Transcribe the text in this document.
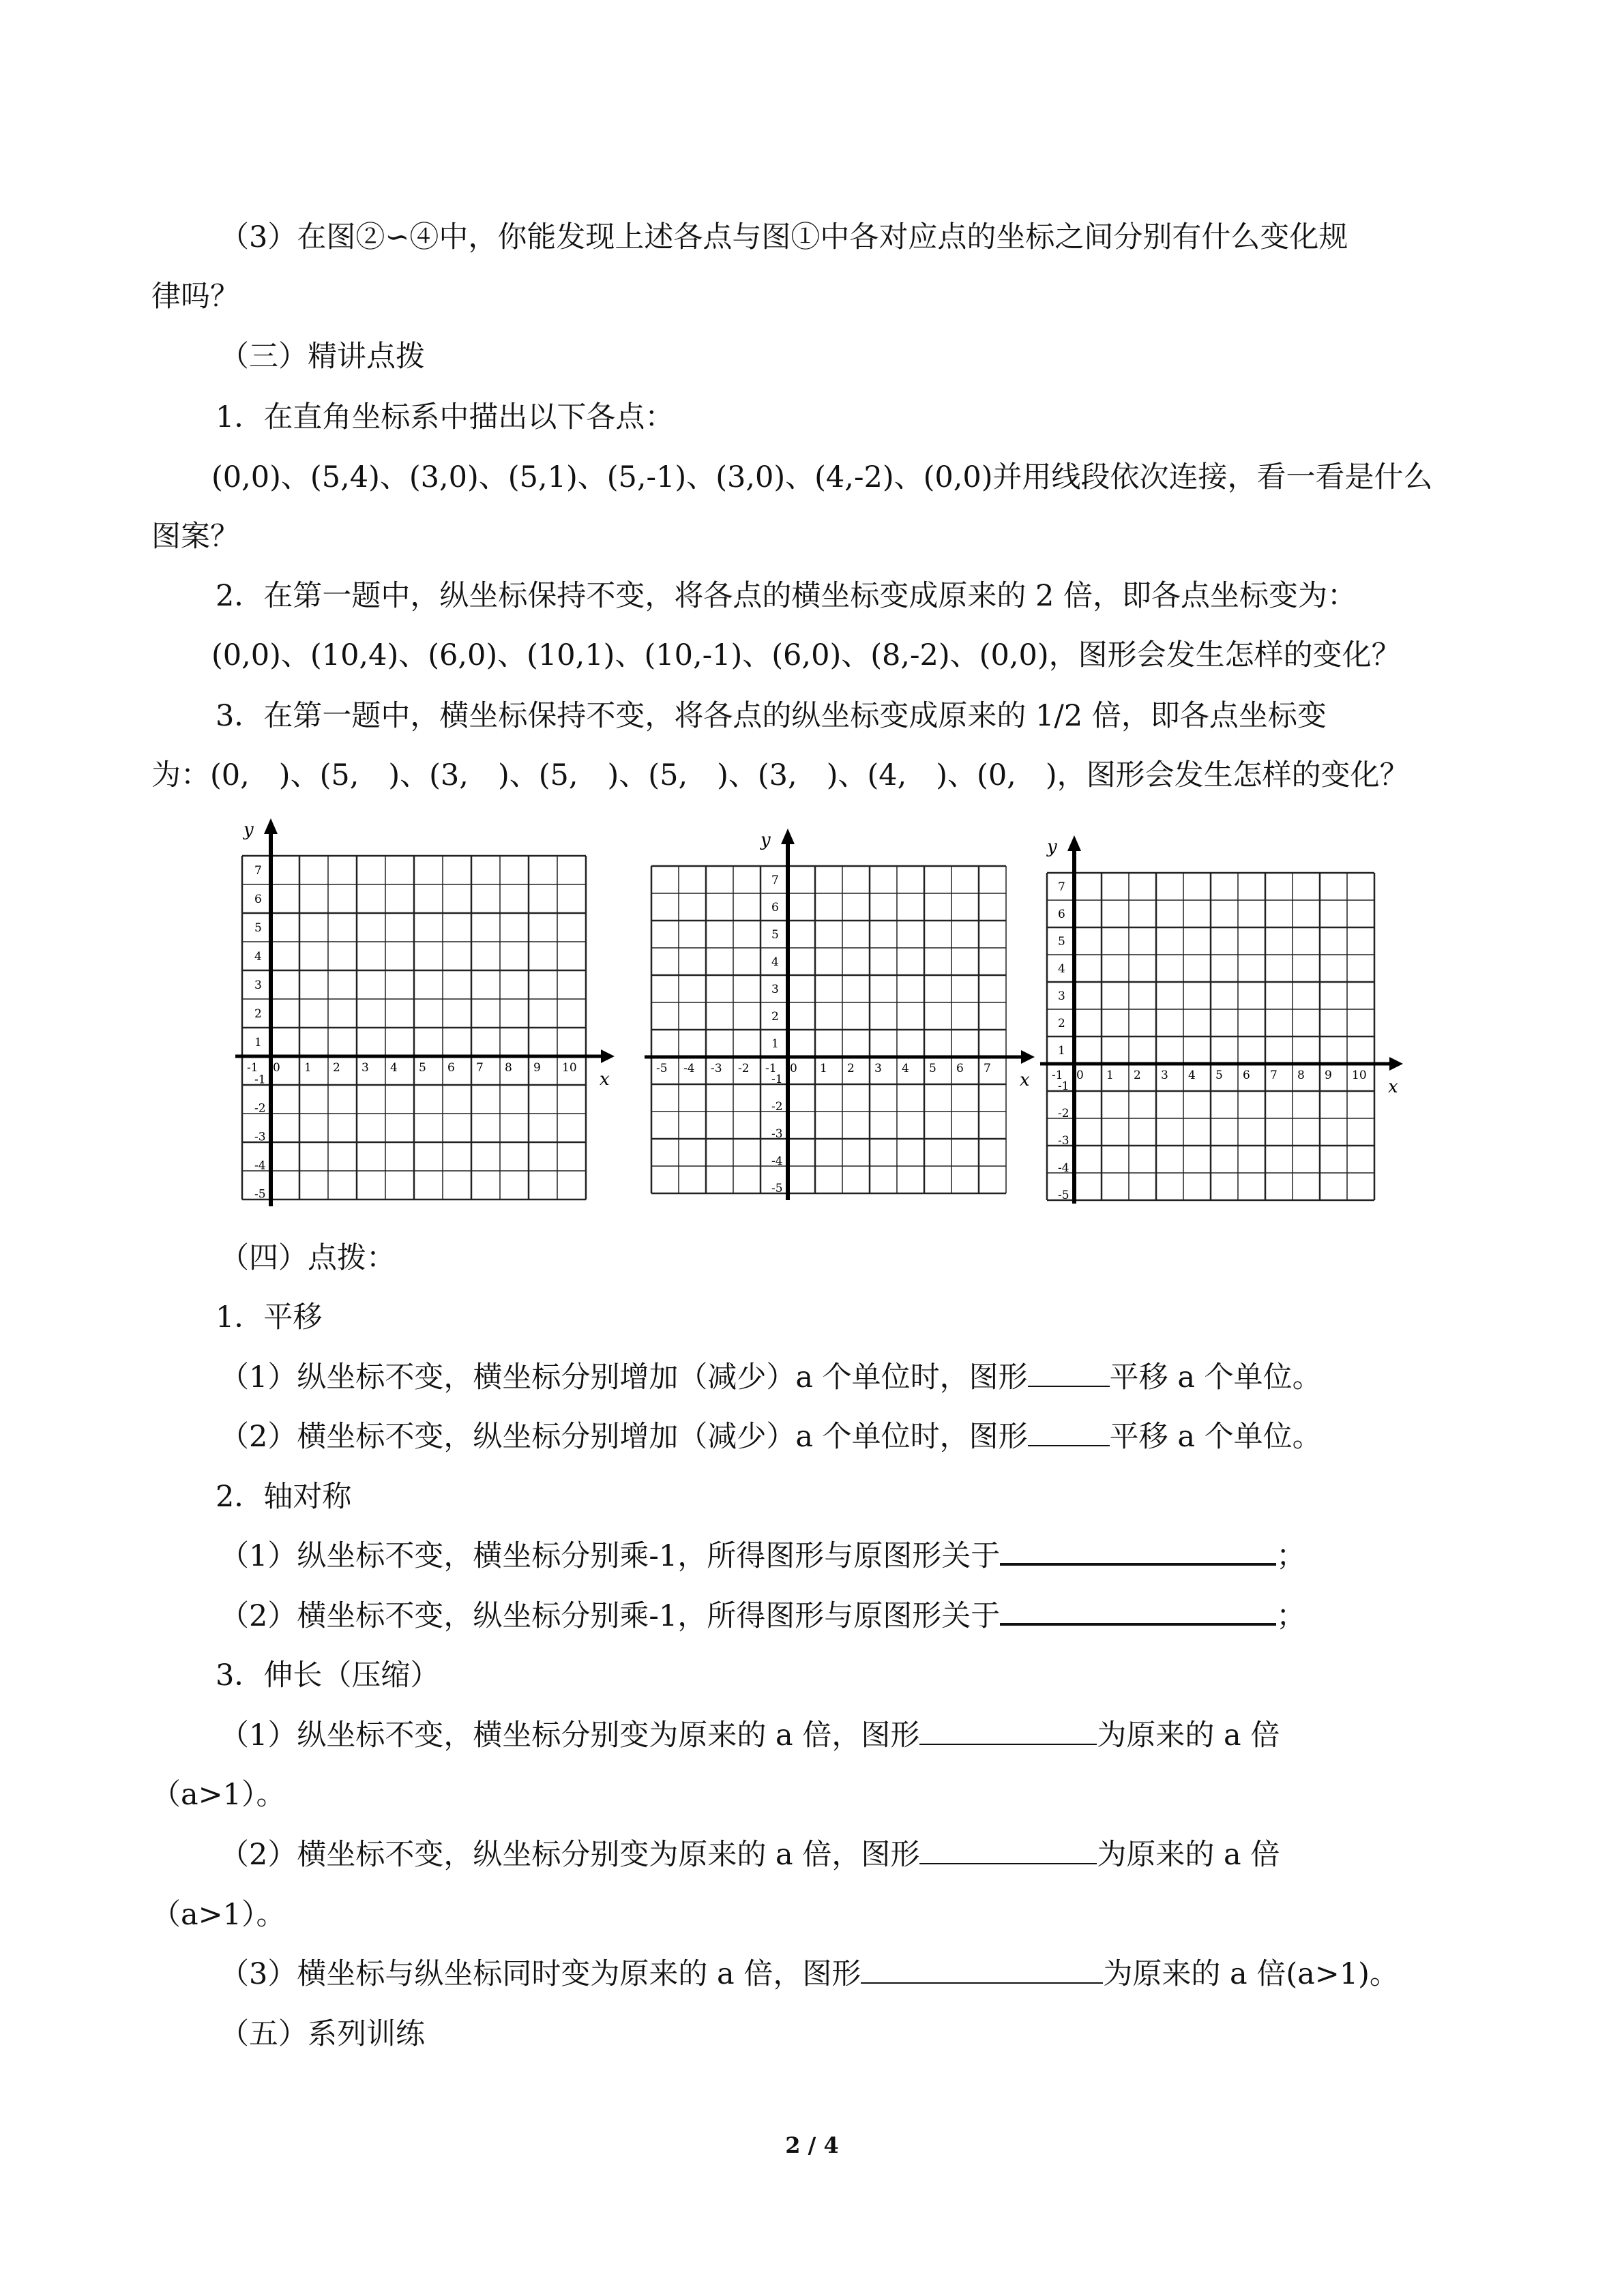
（3）在图②∽④中，你能发现上述各点与图①中各对应点的坐标之间分别有什么变化规
律吗？
（三）精讲点拨
1．在直角坐标系中描出以下各点：
(0,0)、(5,4)、(3,0)、(5,1)、(5,-1)、(3,0)、(4,-2)、(0,0)并用线段依次连接，看一看是什么
图案？
2．在第一题中，纵坐标保持不变，将各点的横坐标变成原来的 2 倍，即各点坐标变为：
(0,0)、(10,4)、(6,0)、(10,1)、(10,-1)、(6,0)、(8,-2)、(0,0)，图形会发生怎样的变化？
3．在第一题中，横坐标保持不变，将各点的纵坐标变成原来的 1/2 倍，即各点坐标变
为：(0,　)、(5,　)、(3,　)、(5,　)、(5,　)、(3,　)、(4,　)、(0,　)，图形会发生怎样的变化？
x
y
-1 0 1 2 3 4 5 6 7 8 9 10
7
6
5
4
3
2
1
-1
-2
-3
-4
-5
x
y
-5 -4 -3 -2 -1 0 1 2 3 4 5 6 7
7
6
5
4
3
2
1
-1
-2
-3
-4
-5
x
y
-1 0 1 2 3 4 5 6 7 8 9 10
7
6
5
4
3
2
1
-1
-2
-3
-4
-5
（四）点拨：
1．平移
（1）纵坐标不变，横坐标分别增加（减少）a 个单位时，图形	平移 a 个单位。
（2）横坐标不变，纵坐标分别增加（减少）a 个单位时，图形	平移 a 个单位。
2．轴对称
（1）纵坐标不变，横坐标分别乘-1，所得图形与原图形关于	；
（2）横坐标不变，纵坐标分别乘-1，所得图形与原图形关于	；
3．伸长（压缩）
（1）纵坐标不变，横坐标分别变为原来的 a 倍，图形	为原来的 a 倍
（a>1）。
（2）横坐标不变，纵坐标分别变为原来的 a 倍，图形	为原来的 a 倍
（a>1）。
（3）横坐标与纵坐标同时变为原来的 a 倍，图形	为原来的 a 倍(a>1)。
（五）系列训练
2 / 4
